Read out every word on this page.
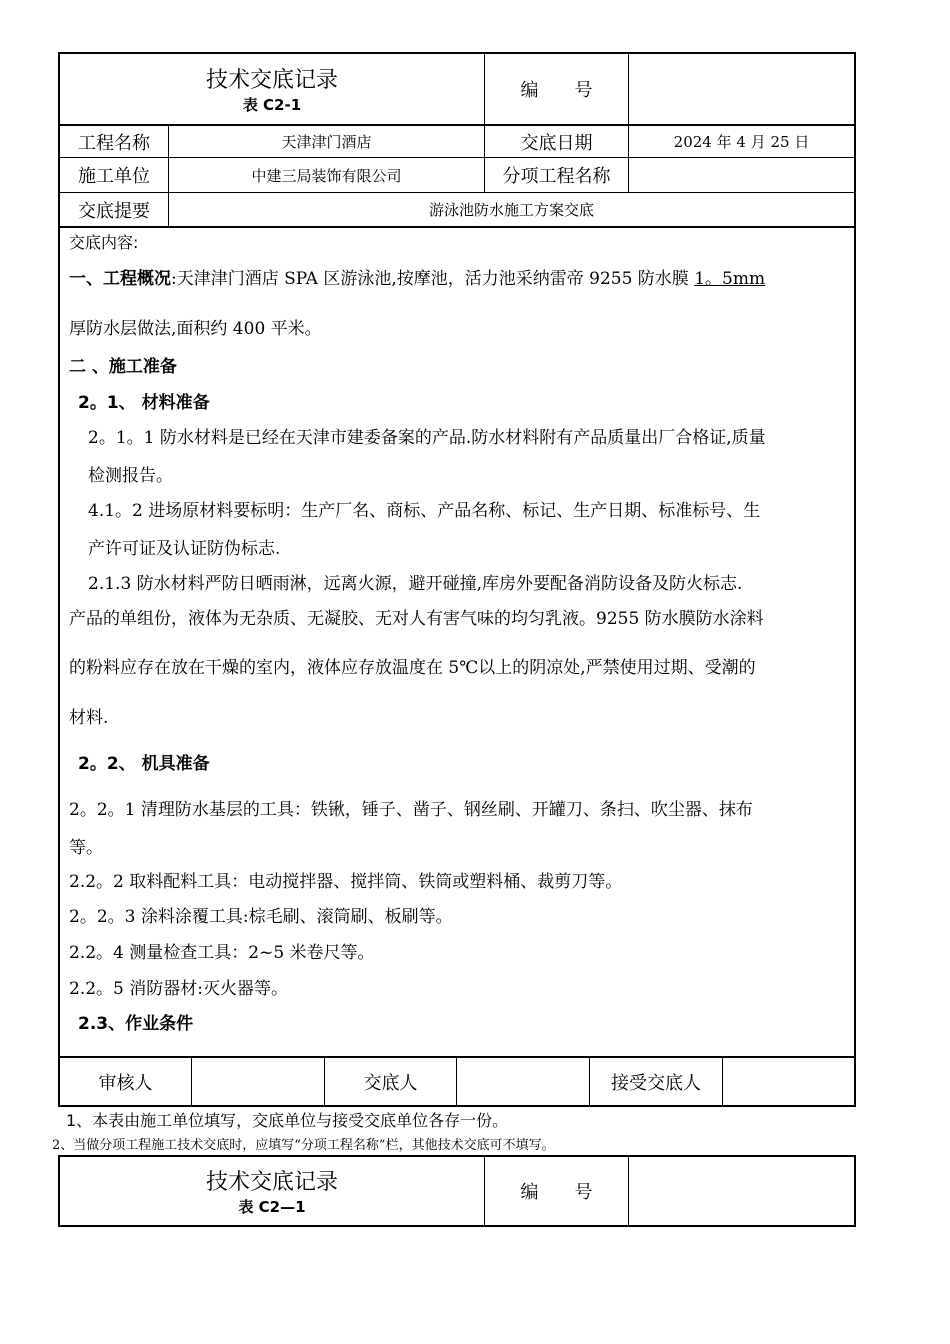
技术交底记录
表 C2-1
编　　号
工程名称	天津津门酒店	交底日期	2024 年 4 月 25 日
施工单位	中建三局装饰有限公司	分项工程名称
交底提要	游泳池防水施工方案交底
交底内容:
一、工程概况:天津津门酒店 SPA 区游泳池,按摩池，活力池采纳雷帝 9255 防水膜 1。5mm
厚防水层做法,面积约 400 平米。
二 、施工准备
2。1、 材料准备
2。1。1 防水材料是已经在天津市建委备案的产品.防水材料附有产品质量出厂合格证,质量
检测报告。
4.1。2 进场原材料要标明：生产厂名、商标、产品名称、标记、生产日期、标准标号、生
产许可证及认证防伪标志.
2.1.3 防水材料严防日晒雨淋，远离火源，避开碰撞,库房外要配备消防设备及防火标志.
产品的单组份，液体为无杂质、无凝胶、无对人有害气味的均匀乳液。9255 防水膜防水涂料
的粉料应存在放在干燥的室内，液体应存放温度在 5℃以上的阴凉处,严禁使用过期、受潮的
材料.
2。2、 机具准备
2。2。1 清理防水基层的工具：铁锹，锤子、凿子、钢丝刷、开罐刀、条扫、吹尘器、抹布
等。
2.2。2 取料配料工具：电动搅拌器、搅拌筒、铁筒或塑料桶、裁剪刀等。
2。2。3 涂料涂覆工具:棕毛刷、滚筒刷、板刷等。
2.2。4 测量检查工具：2~5 米卷尺等。
2.2。5 消防器材:灭火器等。
2.3、作业条件
审核人	交底人	接受交底人
1、本表由施工单位填写，交底单位与接受交底单位各存一份。
2、当做分项工程施工技术交底时，应填写“分项工程名称”栏，其他技术交底可不填写。
技术交底记录
表 C2—1
编　　号
